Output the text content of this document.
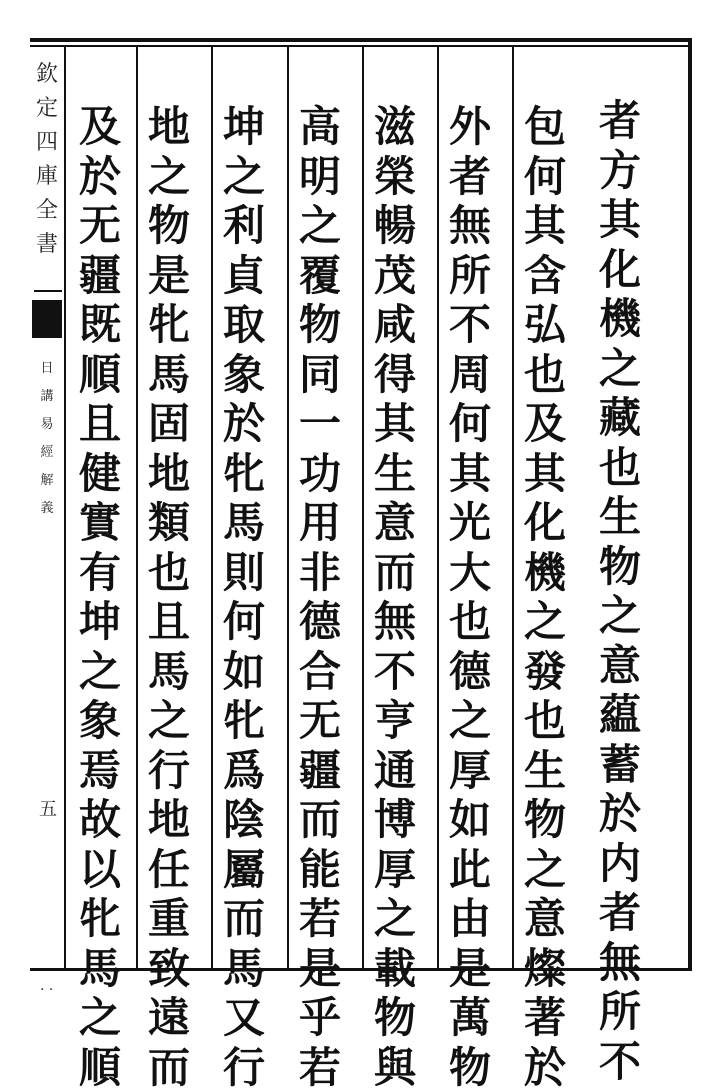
欽
定
四
庫
全
書
日
講
易
經
解
義
五
者
方
其
化
機
之
藏
也
生
物
之
意
藴
蓄
於
内
者
無
所
不
包
何
其
含
弘
也
及
其
化
機
之
發
也
生
物
之
意
燦
著
於
外
者
無
所
不
周
何
其
光
大
也
德
之
厚
如
此
由
是
萬
物
滋
榮
暢
茂
咸
得
其
生
意
而
無
不
亨
通
博
厚
之
載
物
與
高
明
之
覆
物
同
一
功
用
非
德
合
无
疆
而
能
若
是
乎
若
坤
之
利
貞
取
象
於
牝
馬
則
何
如
牝
爲
陰
屬
而
馬
又
行
地
之
物
是
牝
馬
固
地
類
也
且
馬
之
行
地
任
重
致
遠
而
及
於
无
疆
既
順
且
健
實
有
坤
之
象
焉
故
以
牝
馬
之
順
· ·
